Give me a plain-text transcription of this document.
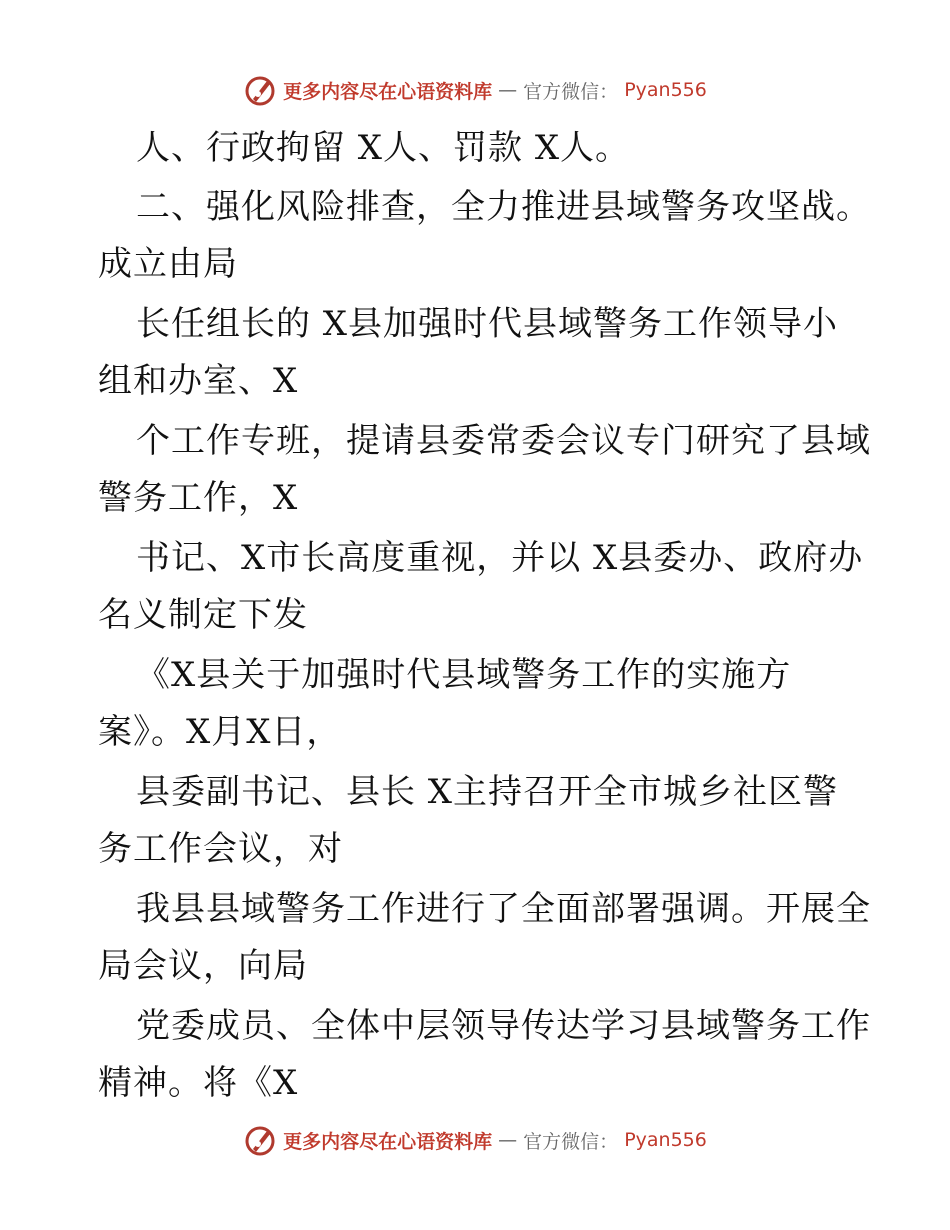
更多内容尽在心语资料库 — 官方微信： Pyan556
人、行政拘留 X人、罚款 X人。
二、强化风险排查，全力推进县域警务攻坚战。
成立由局
长任组长的 X县加强时代县域警务工作领导小
组和办室、X
个工作专班，提请县委常委会议专门研究了县域
警务工作，X
书记、X市长高度重视，并以 X县委办、政府办
名义制定下发
《X县关于加强时代县域警务工作的实施方
案》。X月X日，
县委副书记、县长 X主持召开全市城乡社区警
务工作会议，对
我县县域警务工作进行了全面部署强调。开展全
局会议，向局
党委成员、全体中层领导传达学习县域警务工作
精神。将《X
更多内容尽在心语资料库 — 官方微信： Pyan556
